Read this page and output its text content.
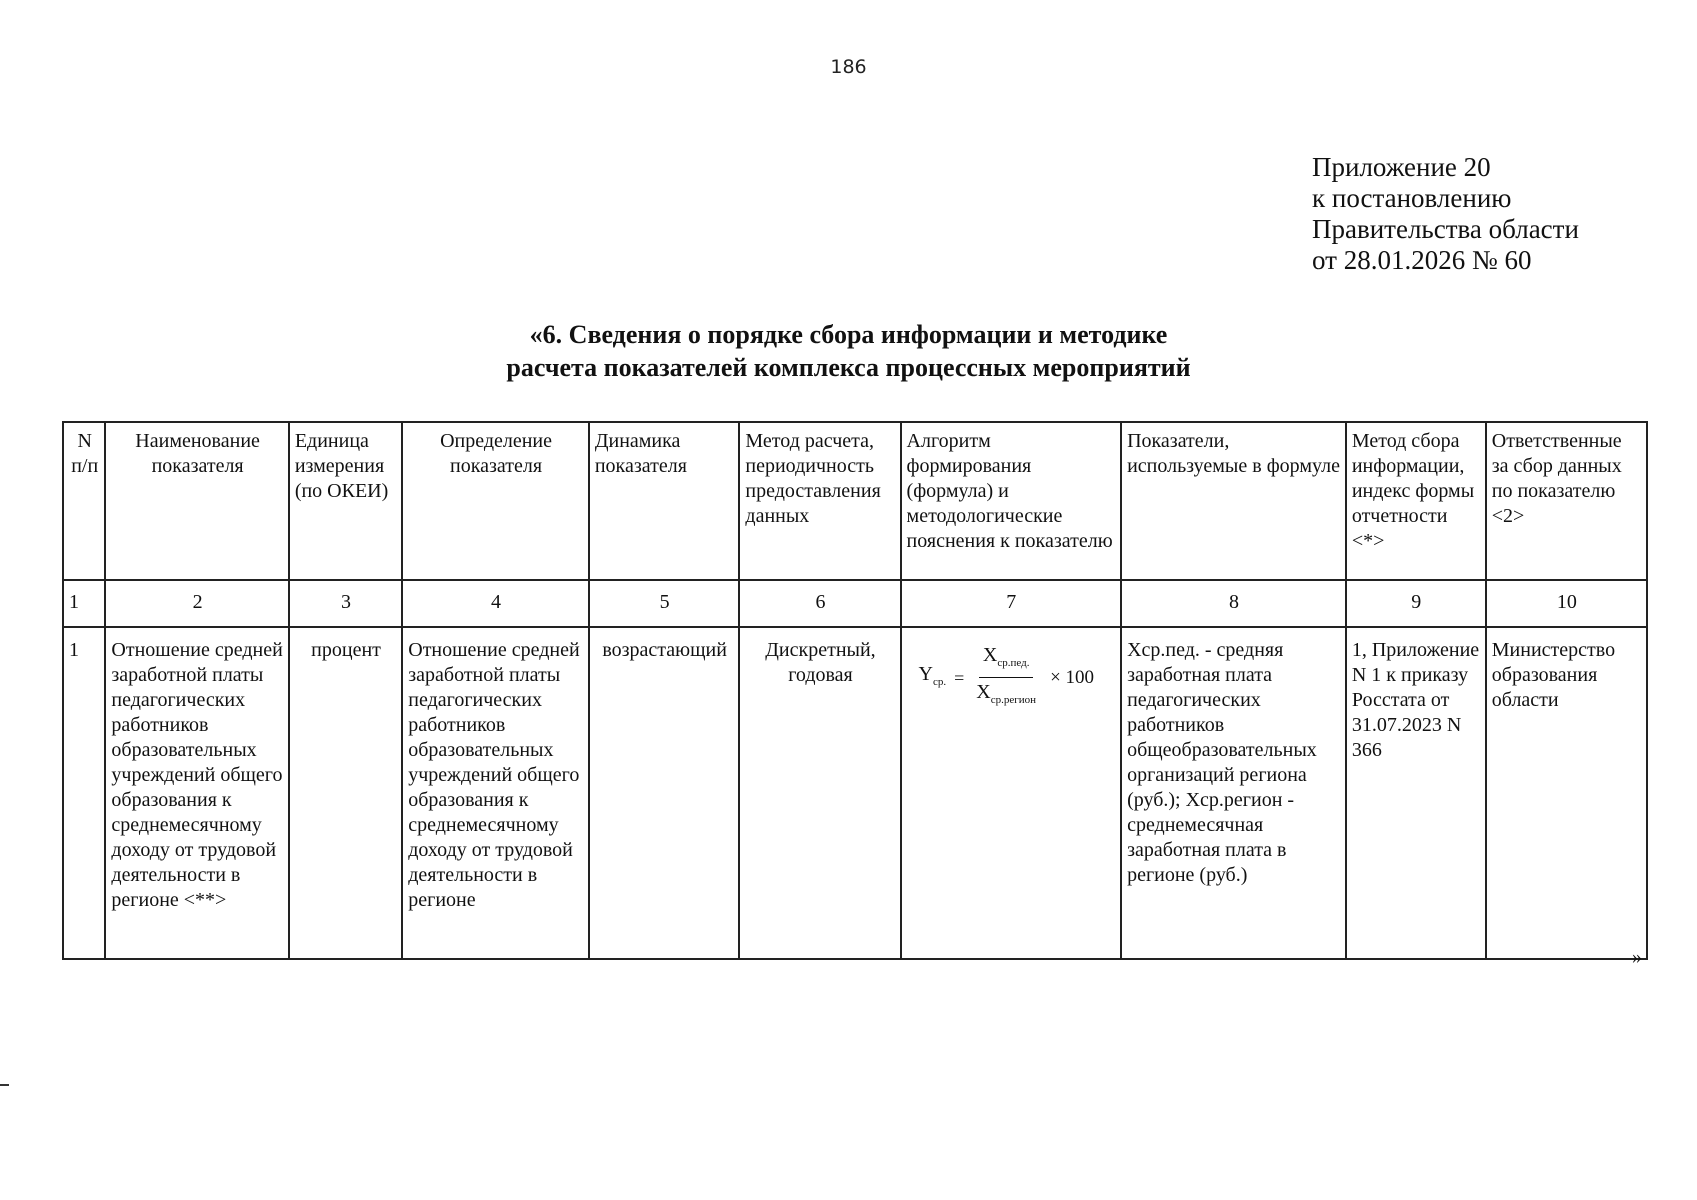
186
Приложение 20
к постановлению
Правительства области
от 28.01.2026 № 60
«6. Сведения о порядке сбора информации и методике
расчета показателей комплекса процессных мероприятий
N п/п	Наименование показателя	Единица измерения (по ОКЕИ)	Определение показателя	Динамика показателя	Метод расчета, периодичность предоставления данных	Алгоритм формирования (формула) и методологические пояснения к показателю	Показатели, используемые в формуле	Метод сбора информации, индекс формы отчетности <*>	Ответственные за сбор данных по показателю <2>
1	2	3	4	5	6	7	8	9	10
1	Отношение средней заработной платы педагогических работников образовательных учреждений общего образования к среднемесячному доходу от трудовой деятельности в регионе <**>	процент	Отношение средней заработной платы педагогических работников образовательных учреждений общего образования к среднемесячному доходу от трудовой деятельности в регионе	возрастающий	Дискретный, годовая	$Y_{ср.} = \frac{X_{ср.пед.}}{X_{ср.регион}} \times 100$	Хср.пед. - средняя заработная плата педагогических работников общеобразовательных организаций региона (руб.); Хср.регион - среднемесячная заработная плата в регионе (руб.)	1, Приложение N 1 к приказу Росстата от 31.07.2023 N 366	Министерство образования области
»
